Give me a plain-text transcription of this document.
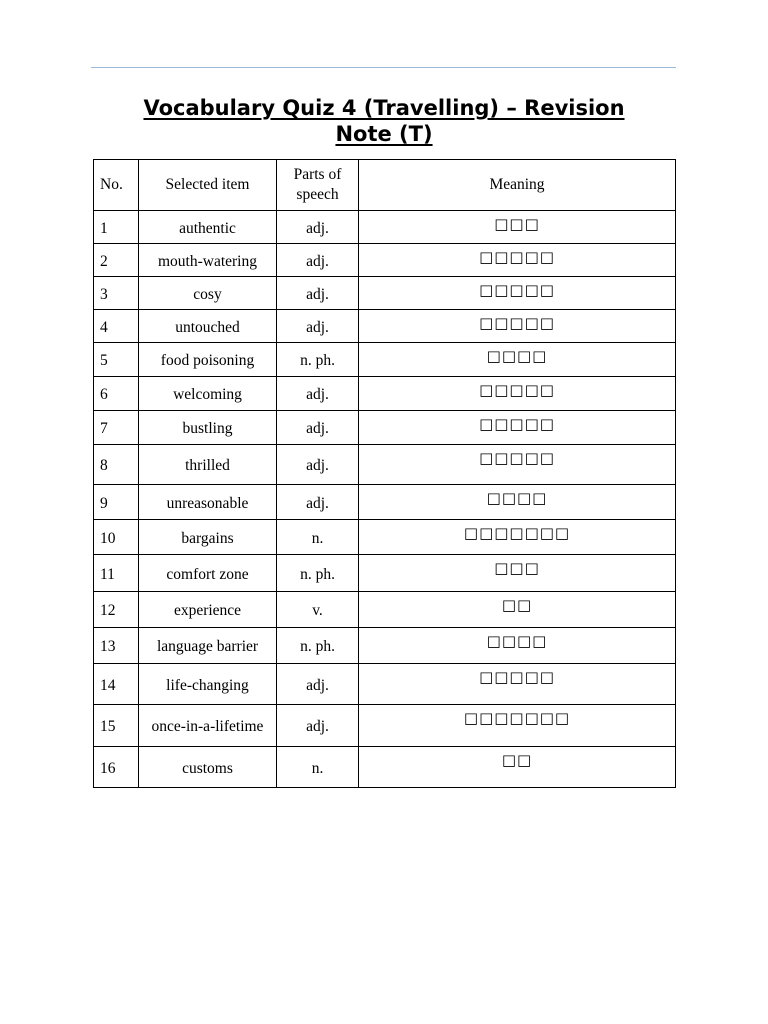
Vocabulary Quiz 4 (Travelling) – Revision
Note (T)
No.	Selected item	Parts of speech	Meaning
1	authentic	adj.	□□□
2	mouth-watering	adj.	□□□□□
3	cosy	adj.	□□□□□
4	untouched	adj.	□□□□□
5	food poisoning	n. ph.	□□□□
6	welcoming	adj.	□□□□□
7	bustling	adj.	□□□□□
8	thrilled	adj.	□□□□□
9	unreasonable	adj.	□□□□
10	bargains	n.	□□□□□□□
11	comfort zone	n. ph.	□□□
12	experience	v.	□□
13	language barrier	n. ph.	□□□□
14	life-changing	adj.	□□□□□
15	once-in-a-lifetime	adj.	□□□□□□□
16	customs	n.	□□
